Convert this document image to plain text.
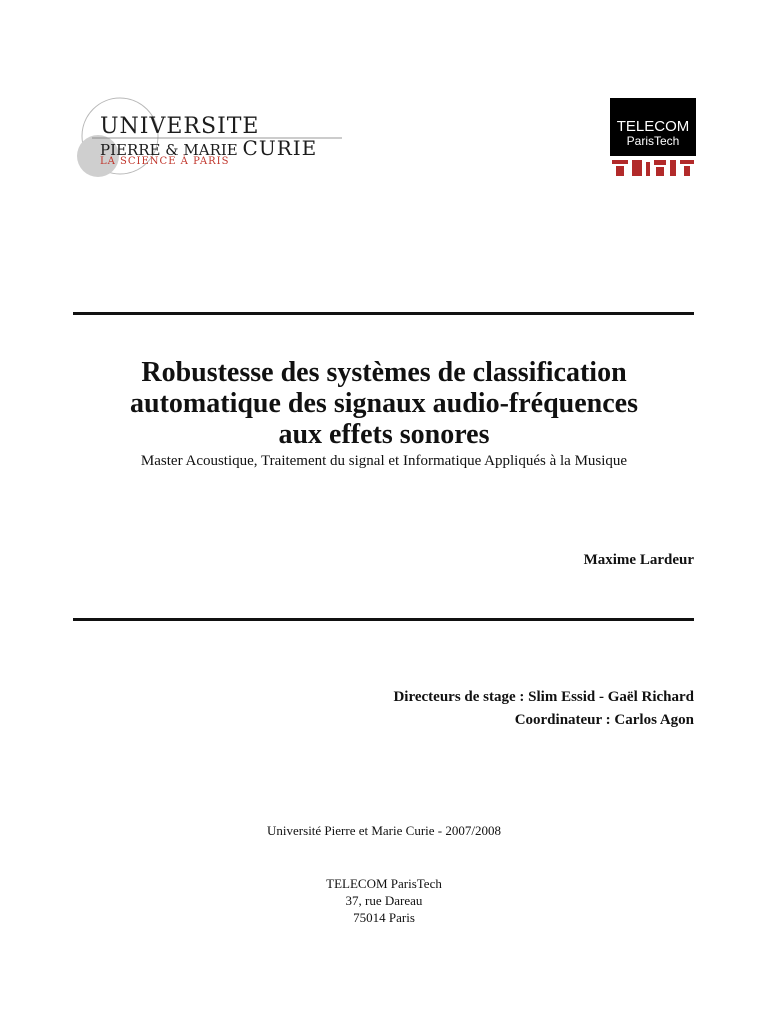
UNIVERSITE
PIERRE & MARIE CURIE
LA SCIENCE À PARIS
TELECOM
ParisTech
Robustesse des systèmes de classification
automatique des signaux audio-fréquences
aux effets sonores
Master Acoustique, Traitement du signal et Informatique Appliqués à la Musique
Maxime Lardeur
Directeurs de stage : Slim Essid - Gaël Richard
Coordinateur : Carlos Agon
Université Pierre et Marie Curie - 2007/2008
TELECOM ParisTech
37, rue Dareau
75014 Paris
